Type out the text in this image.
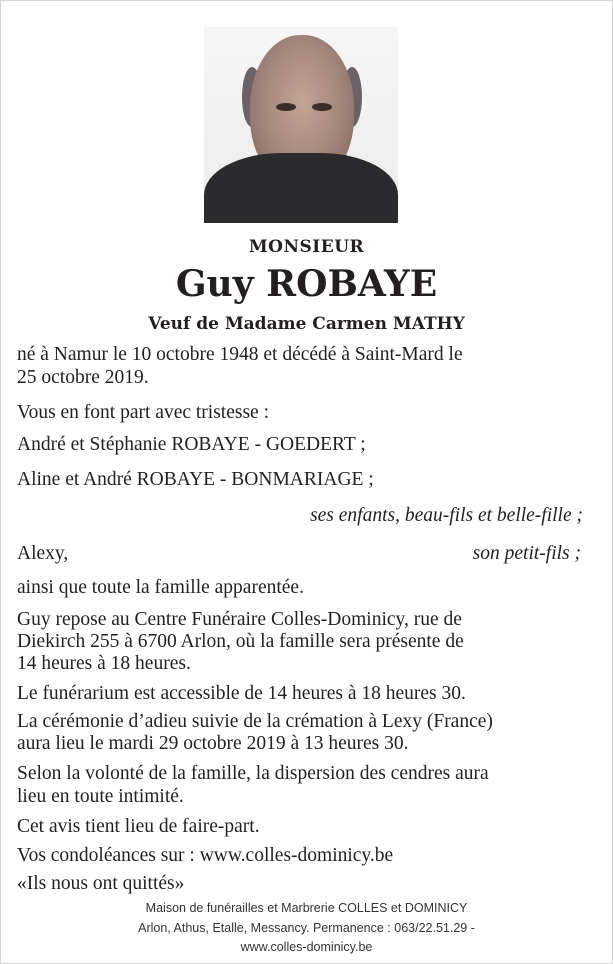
MONSIEUR
Guy ROBAYE
Veuf de Madame Carmen MATHY
né à Namur le 10 octobre 1948 et décédé à Saint-Mard le
25 octobre 2019.
Vous en font part avec tristesse :
André et Stéphanie ROBAYE - GOEDERT ;
Aline et André ROBAYE - BONMARIAGE ;
ses enfants, beau-fils et belle-fille ;
Alexy,	son petit-fils ;
ainsi que toute la famille apparentée.
Guy repose au Centre Funéraire Colles-Dominicy, rue de
Diekirch 255 à 6700 Arlon, où la famille sera présente de
14 heures à 18 heures.
Le funérarium est accessible de 14 heures à 18 heures 30.
La cérémonie d’adieu suivie de la crémation à Lexy (France)
aura lieu le mardi 29 octobre 2019 à 13 heures 30.
Selon la volonté de la famille, la dispersion des cendres aura
lieu en toute intimité.
Cet avis tient lieu de faire-part.
Vos condoléances sur : www.colles-dominicy.be
«Ils nous ont quittés»
Maison de funérailles et Marbrerie COLLES et DOMINICY
Arlon, Athus, Etalle, Messancy. Permanence : 063/22.51.29 -
www.colles-dominicy.be
